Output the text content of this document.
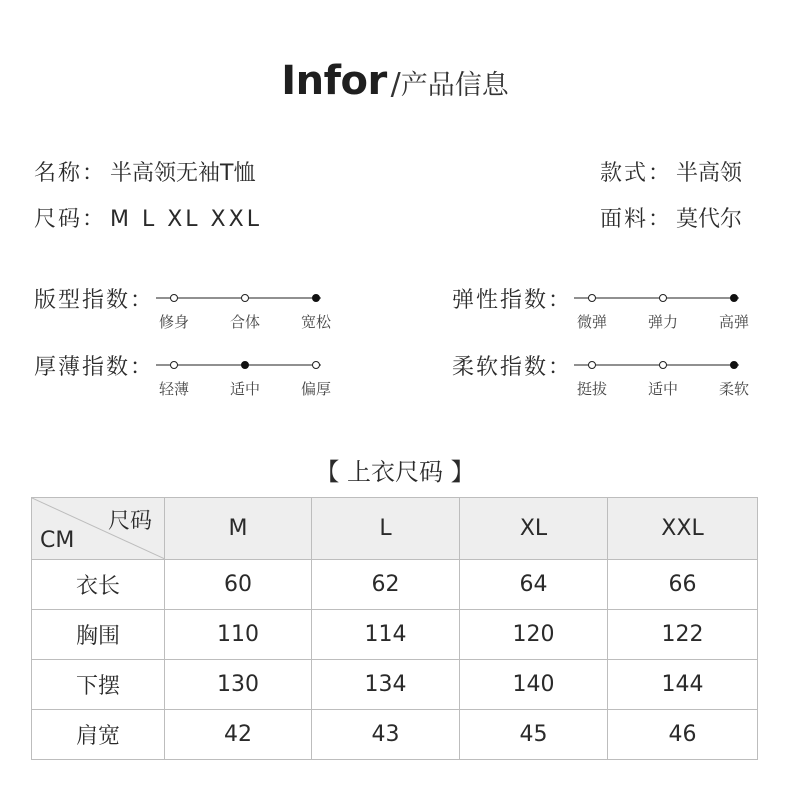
Infor /产品信息
名称： 半高领无袖T恤
尺码： M L XL XXL
款式： 半高领
面料： 莫代尔
版型指数：
修身	合体	宽松
厚薄指数：
轻薄	适中	偏厚
弹性指数：
微弹	弹力	高弹
柔软指数：
挺拔	适中	柔软
【 上衣尺码 】
尺码
CM	M	L	XL	XXL
衣长	60	62	64	66
胸围	110	114	120	122
下摆	130	134	140	144
肩宽	42	43	45	46
